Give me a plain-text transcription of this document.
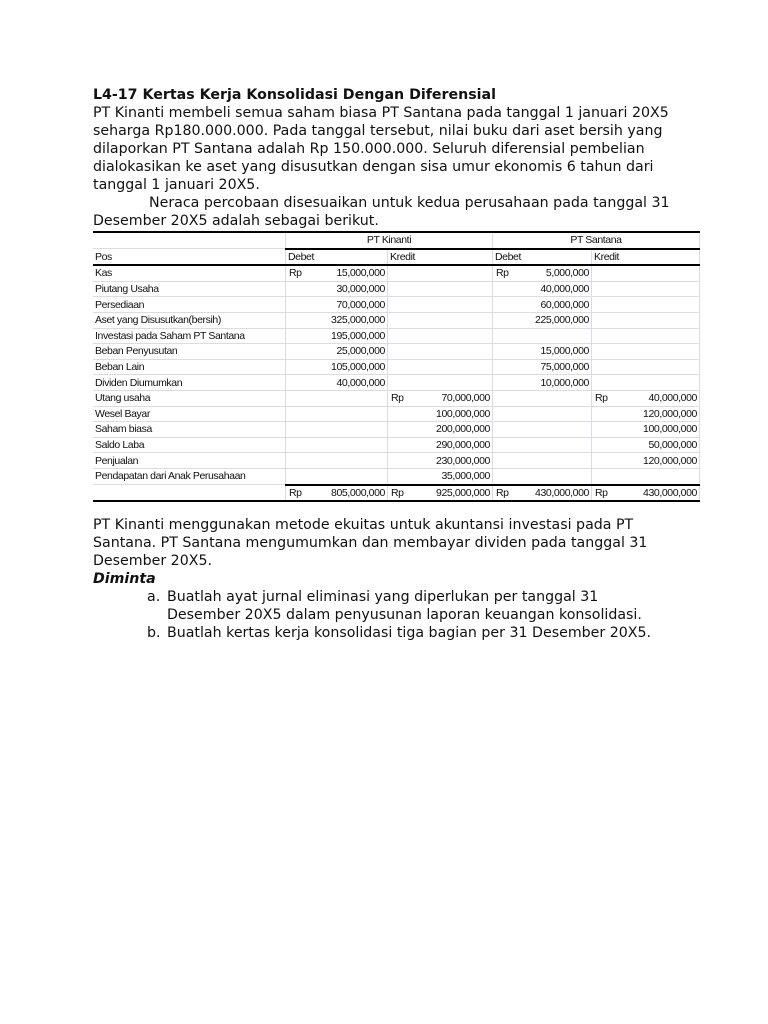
L4-17 Kertas Kerja Konsolidasi Dengan Diferensial
PT Kinanti membeli semua saham biasa PT Santana pada tanggal 1 januari 20X5 seharga Rp180.000.000. Pada tanggal tersebut, nilai buku dari aset bersih yang dilaporkan PT Santana adalah Rp 150.000.000. Seluruh diferensial pembelian dialokasikan ke aset yang disusutkan dengan sisa umur ekonomis 6 tahun dari tanggal 1 januari 20X5.
Neraca percobaan disesuaikan untuk kedua perusahaan pada tanggal 31 Desember 20X5 adalah sebagai berikut.
	PT Kinanti		PT Santana	
Pos	Debet	Kredit	Debet	Kredit
Kas	Rp 15,000,000		Rp 5,000,000	
Piutang Usaha	30,000,000		40,000,000	
Persediaan	70,000,000		60,000,000	
Aset yang Disusutkan(bersih)	325,000,000		225,000,000	
Investasi pada Saham PT Santana	195,000,000			
Beban Penyusutan	25,000,000		15,000,000	
Beban Lain	105,000,000		75,000,000	
Dividen Diumumkan	40,000,000		10,000,000	
Utang usaha		Rp 70,000,000		Rp 40,000,000
Wesel Bayar		100,000,000		120,000,000
Saham biasa		200,000,000		100,000,000
Saldo Laba		290,000,000		50,000,000
Penjualan		230,000,000		120,000,000
Pendapatan dari Anak Perusahaan		35,000,000		

	Rp 805,000,000	Rp 925,000,000	Rp 430,000,000	Rp 430,000,000
PT Kinanti menggunakan metode ekuitas untuk akuntansi investasi pada PT Santana. PT Santana mengumumkan dan membayar dividen pada tanggal 31 Desember 20X5.
Diminta
a. Buatlah ayat jurnal eliminasi yang diperlukan per tanggal 31 Desember 20X5 dalam penyusunan laporan keuangan konsolidasi.
b. Buatlah kertas kerja konsolidasi tiga bagian per 31 Desember 20X5.
